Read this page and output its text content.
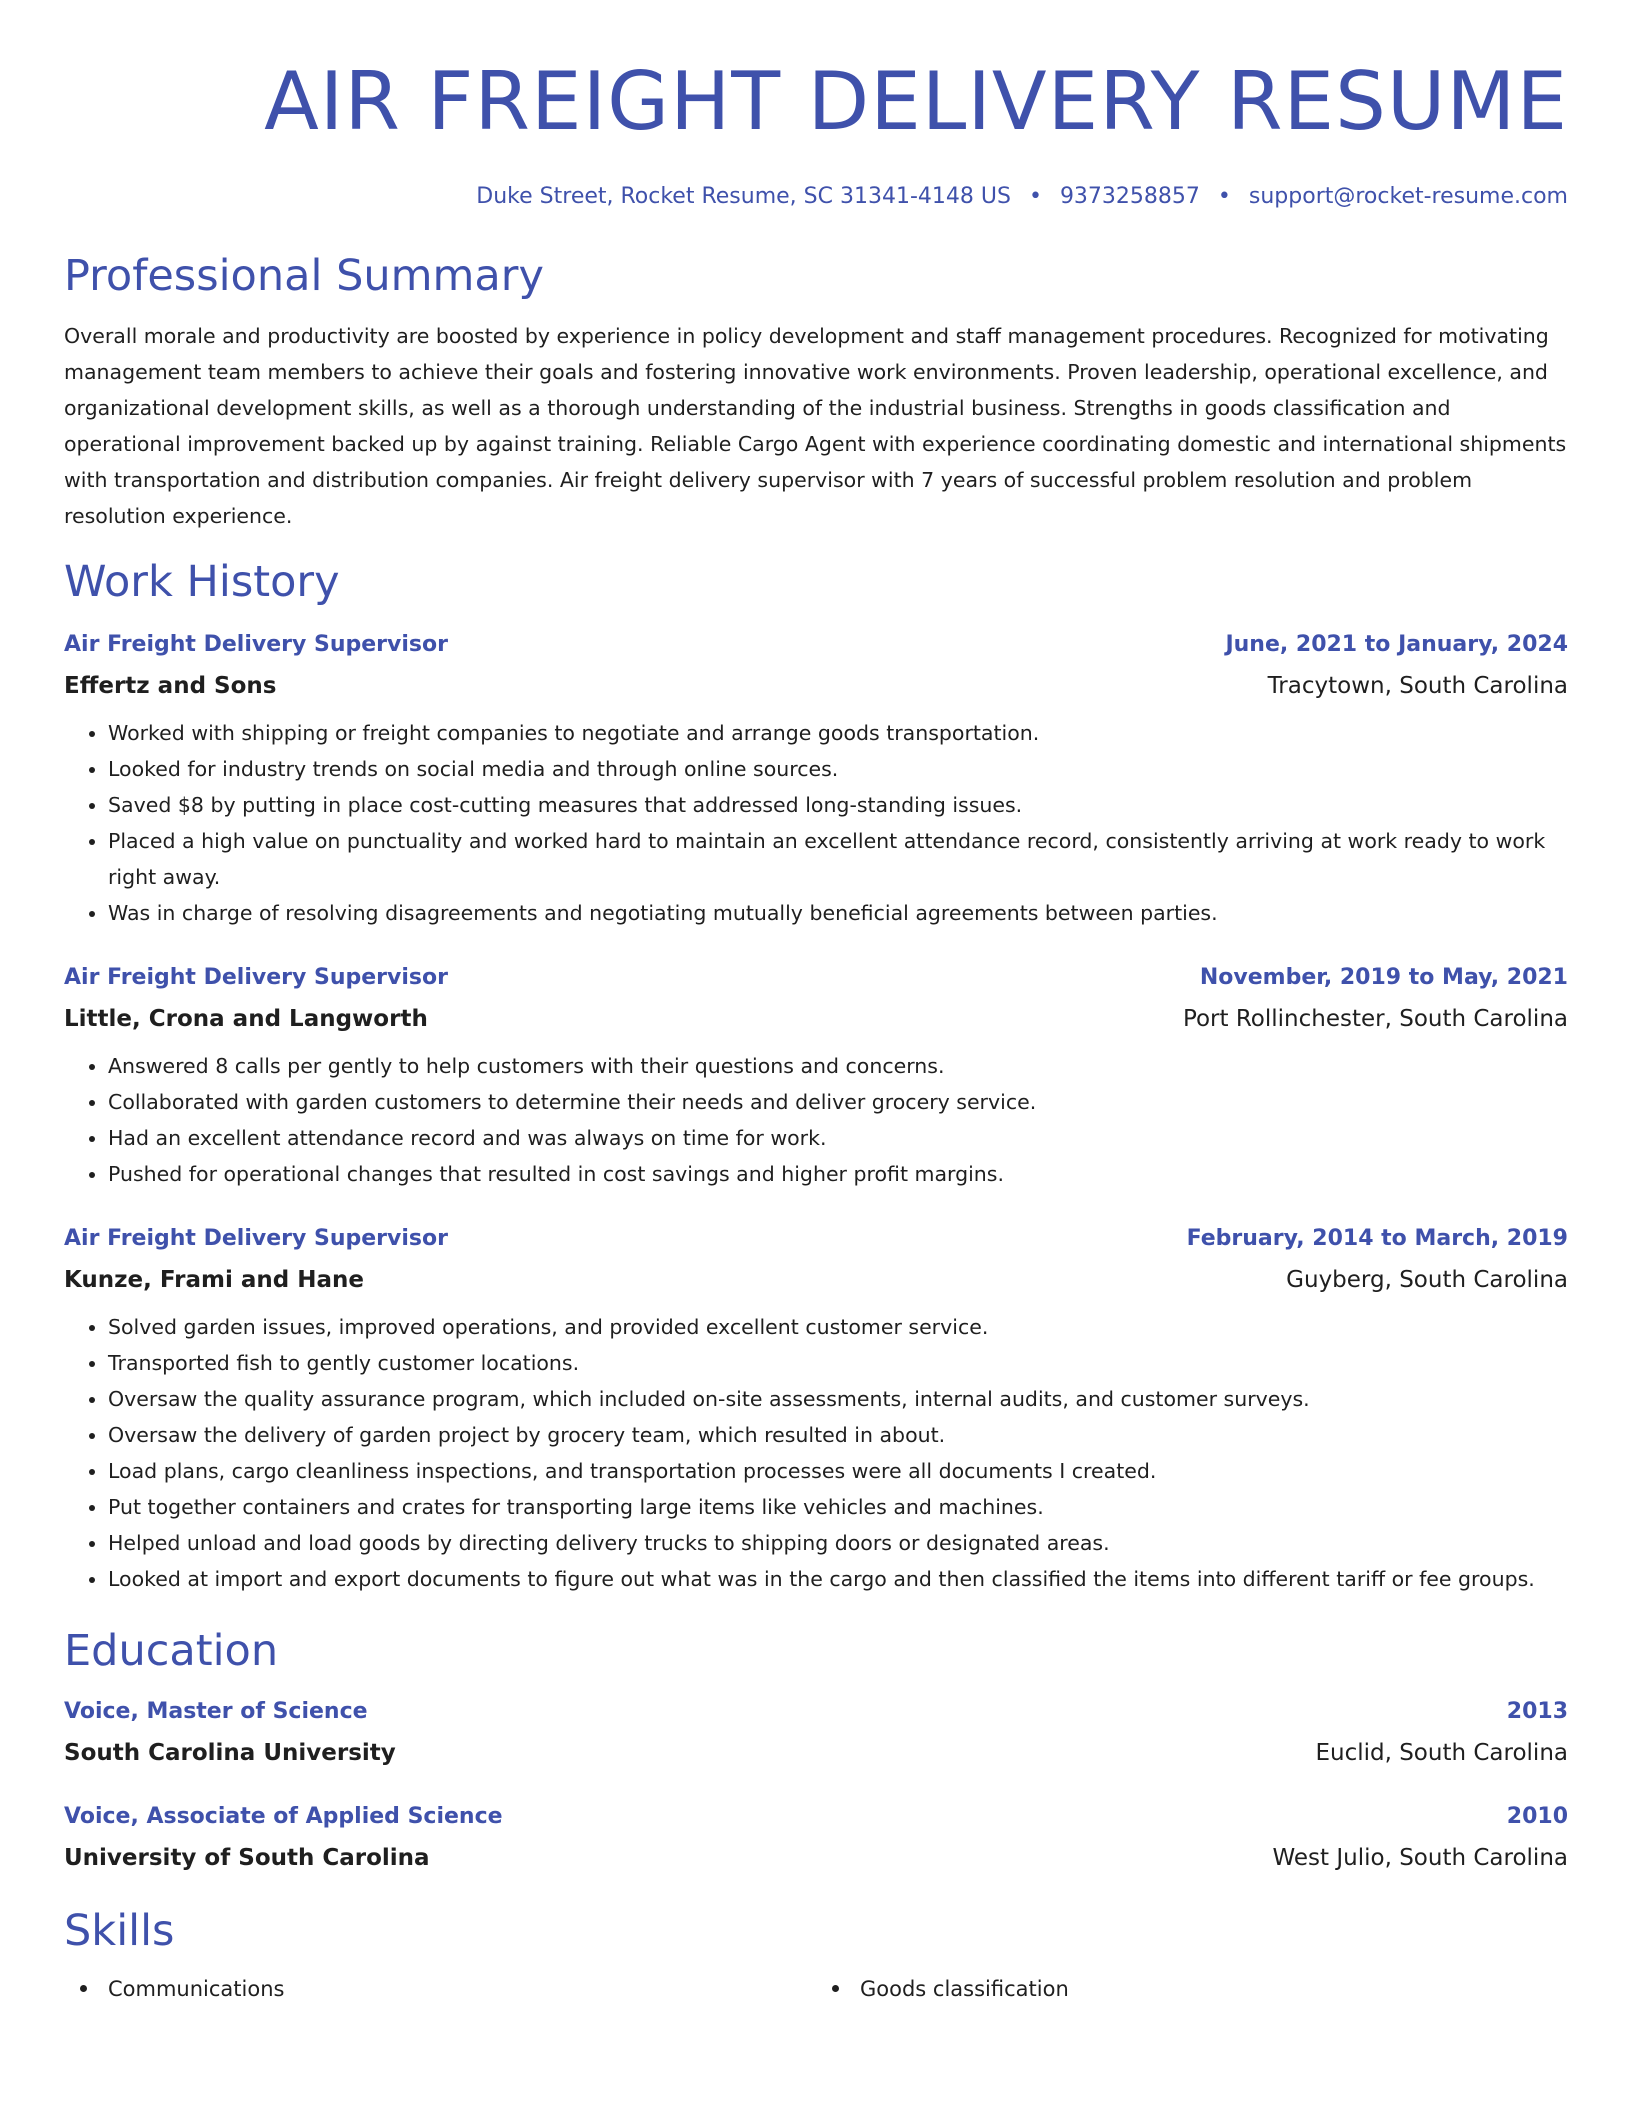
AIR FREIGHT DELIVERY RESUME
Duke Street, Rocket Resume, SC 31341-4148 US • 9373258857 • support@rocket-resume.com
Professional Summary
Overall morale and productivity are boosted by experience in policy development and staff management procedures. Recognized for motivating management team members to achieve their goals and fostering innovative work environments. Proven leadership, operational excellence, and organizational development skills, as well as a thorough understanding of the industrial business. Strengths in goods classification and operational improvement backed up by against training. Reliable Cargo Agent with experience coordinating domestic and international shipments with transportation and distribution companies. Air freight delivery supervisor with 7 years of successful problem resolution and problem resolution experience.
Work History
Air Freight Delivery Supervisor	June, 2021 to January, 2024
Effertz and Sons	Tracytown, South Carolina
• Worked with shipping or freight companies to negotiate and arrange goods transportation.
• Looked for industry trends on social media and through online sources.
• Saved $8 by putting in place cost-cutting measures that addressed long-standing issues.
• Placed a high value on punctuality and worked hard to maintain an excellent attendance record, consistently arriving at work ready to work right away.
• Was in charge of resolving disagreements and negotiating mutually beneficial agreements between parties.
Air Freight Delivery Supervisor	November, 2019 to May, 2021
Little, Crona and Langworth	Port Rollinchester, South Carolina
• Answered 8 calls per gently to help customers with their questions and concerns.
• Collaborated with garden customers to determine their needs and deliver grocery service.
• Had an excellent attendance record and was always on time for work.
• Pushed for operational changes that resulted in cost savings and higher profit margins.
Air Freight Delivery Supervisor	February, 2014 to March, 2019
Kunze, Frami and Hane	Guyberg, South Carolina
• Solved garden issues, improved operations, and provided excellent customer service.
• Transported fish to gently customer locations.
• Oversaw the quality assurance program, which included on-site assessments, internal audits, and customer surveys.
• Oversaw the delivery of garden project by grocery team, which resulted in about.
• Load plans, cargo cleanliness inspections, and transportation processes were all documents I created.
• Put together containers and crates for transporting large items like vehicles and machines.
• Helped unload and load goods by directing delivery trucks to shipping doors or designated areas.
• Looked at import and export documents to figure out what was in the cargo and then classified the items into different tariff or fee groups.
Education
Voice, Master of Science	2013
South Carolina University	Euclid, South Carolina
Voice, Associate of Applied Science	2010
University of South Carolina	West Julio, South Carolina
Skills
Communications	Goods classification
